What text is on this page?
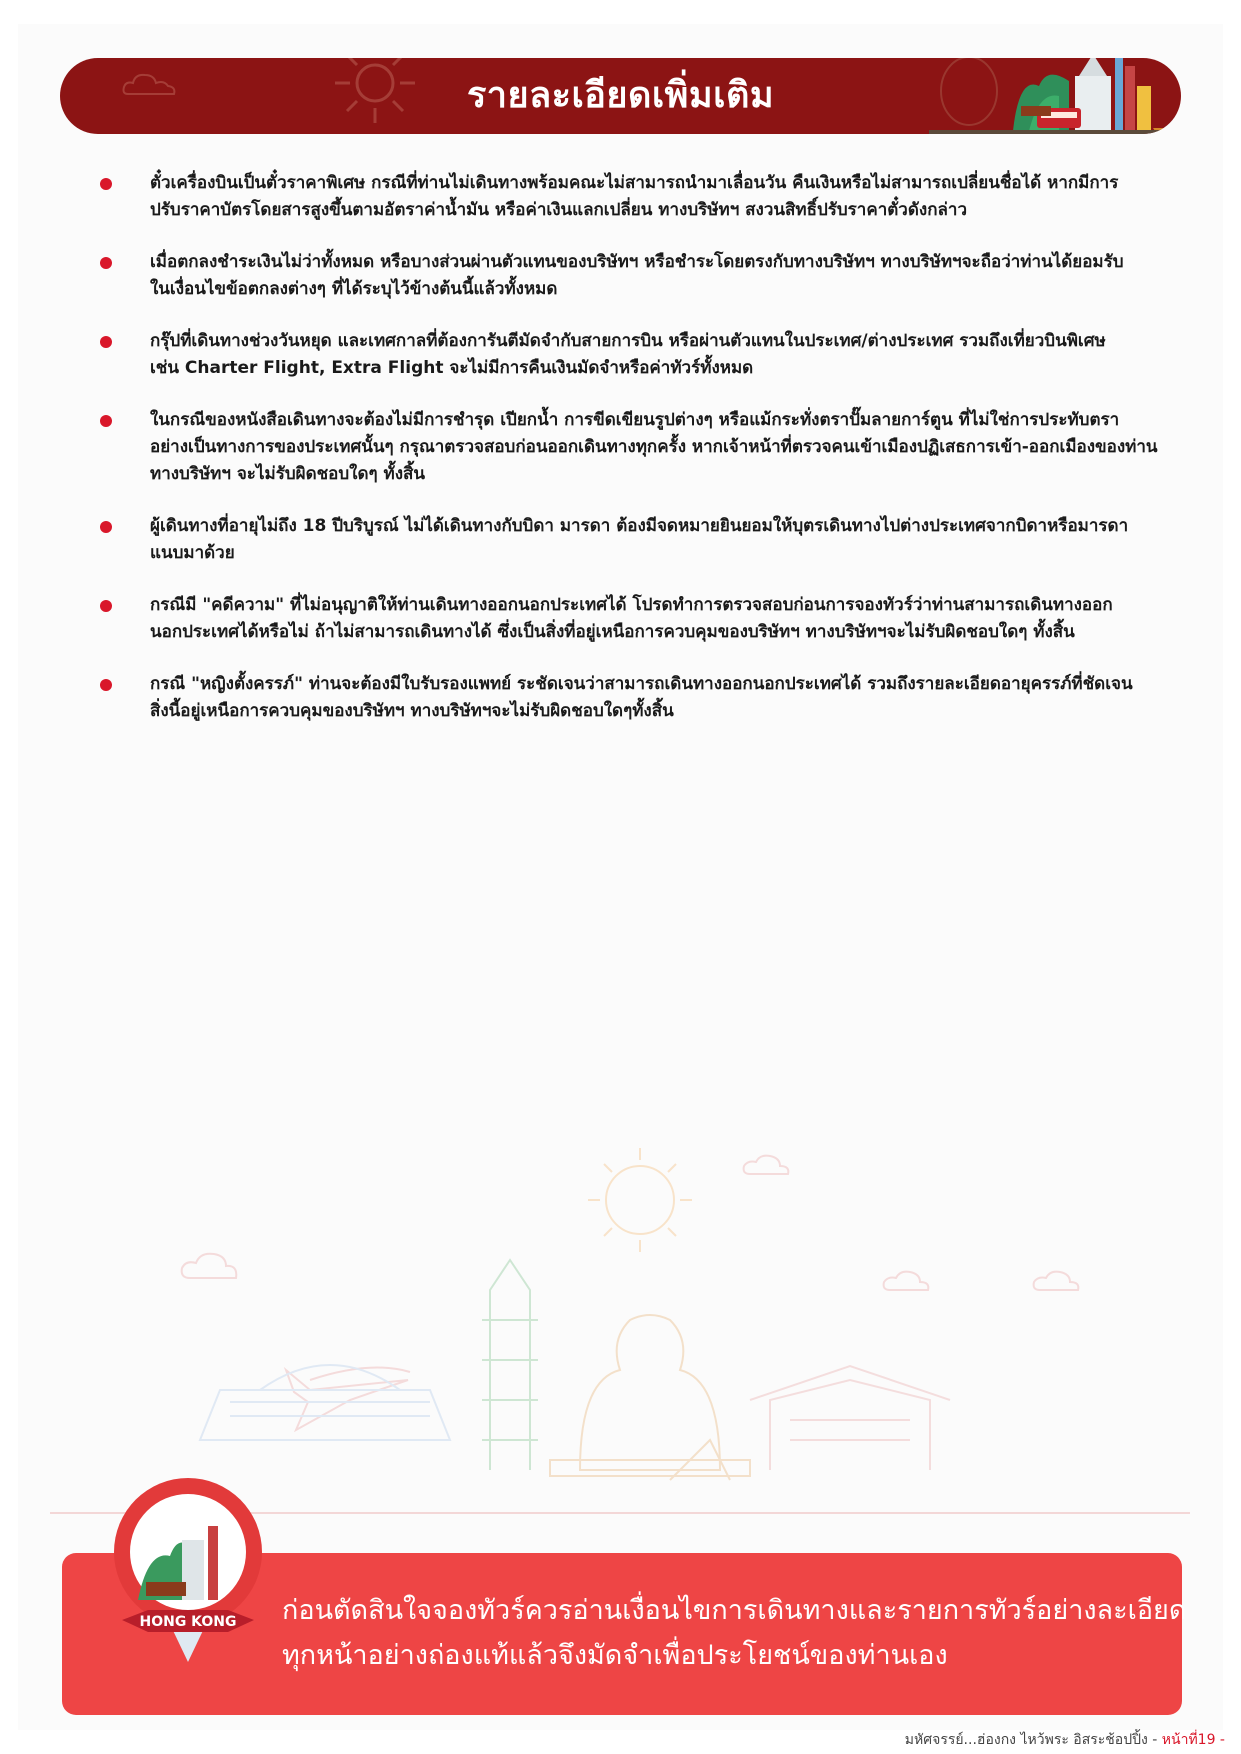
รายละเอียดเพิ่มเติม
ตั๋วเครื่องบินเป็นตั๋วราคาพิเศษ กรณีที่ท่านไม่เดินทางพร้อมคณะไม่สามารถนำมาเลื่อนวัน คืนเงินหรือไม่สามารถเปลี่ยนชื่อได้ หากมีการ
ปรับราคาบัตรโดยสารสูงขึ้นตามอัตราค่าน้ำมัน หรือค่าเงินแลกเปลี่ยน ทางบริษัทฯ สงวนสิทธิ์ปรับราคาตั๋วดังกล่าว
เมื่อตกลงชำระเงินไม่ว่าทั้งหมด หรือบางส่วนผ่านตัวแทนของบริษัทฯ หรือชำระโดยตรงกับทางบริษัทฯ ทางบริษัทฯจะถือว่าท่านได้ยอมรับ
ในเงื่อนไขข้อตกลงต่างๆ ที่ได้ระบุไว้ข้างต้นนี้แล้วทั้งหมด
กรุ๊ปที่เดินทางช่วงวันหยุด และเทศกาลที่ต้องการันตีมัดจำกับสายการบิน หรือผ่านตัวแทนในประเทศ/ต่างประเทศ รวมถึงเที่ยวบินพิเศษ
เช่น Charter Flight, Extra Flight จะไม่มีการคืนเงินมัดจำหรือค่าทัวร์ทั้งหมด
ในกรณีของหนังสือเดินทางจะต้องไม่มีการชำรุด เปียกน้ำ การขีดเขียนรูปต่างๆ หรือแม้กระทั่งตราปั๊มลายการ์ตูน ที่ไม่ใช่การประทับตรา
อย่างเป็นทางการของประเทศนั้นๆ กรุณาตรวจสอบก่อนออกเดินทางทุกครั้ง หากเจ้าหน้าที่ตรวจคนเข้าเมืองปฏิเสธการเข้า-ออกเมืองของท่าน
ทางบริษัทฯ จะไม่รับผิดชอบใดๆ ทั้งสิ้น
ผู้เดินทางที่อายุไม่ถึง 18 ปีบริบูรณ์ ไม่ได้เดินทางกับบิดา มารดา ต้องมีจดหมายยินยอมให้บุตรเดินทางไปต่างประเทศจากบิดาหรือมารดา
แนบมาด้วย
กรณีมี "คดีความ" ที่ไม่อนุญาติให้ท่านเดินทางออกนอกประเทศได้ โปรดทำการตรวจสอบก่อนการจองทัวร์ว่าท่านสามารถเดินทางออก
นอกประเทศได้หรือไม่ ถ้าไม่สามารถเดินทางได้ ซึ่งเป็นสิ่งที่อยู่เหนือการควบคุมของบริษัทฯ ทางบริษัทฯจะไม่รับผิดชอบใดๆ ทั้งสิ้น
กรณี "หญิงตั้งครรภ์" ท่านจะต้องมีใบรับรองแพทย์ ระชัดเจนว่าสามารถเดินทางออกนอกประเทศได้ รวมถึงรายละเอียดอายุครรภ์ที่ชัดเจน
สิ่งนี้อยู่เหนือการควบคุมของบริษัทฯ ทางบริษัทฯจะไม่รับผิดชอบใดๆทั้งสิ้น
HONG KONG ก่อนตัดสินใจจองทัวร์ควรอ่านเงื่อนไขการเดินทางและรายการทัวร์อย่างละเอียด
ทุกหน้าอย่างถ่องแท้แล้วจึงมัดจำเพื่อประโยชน์ของท่านเอง
มหัศจรรย์...ฮ่องกง ไหว้พระ อิสระช้อปปิ้ง - หน้าที่19 -
